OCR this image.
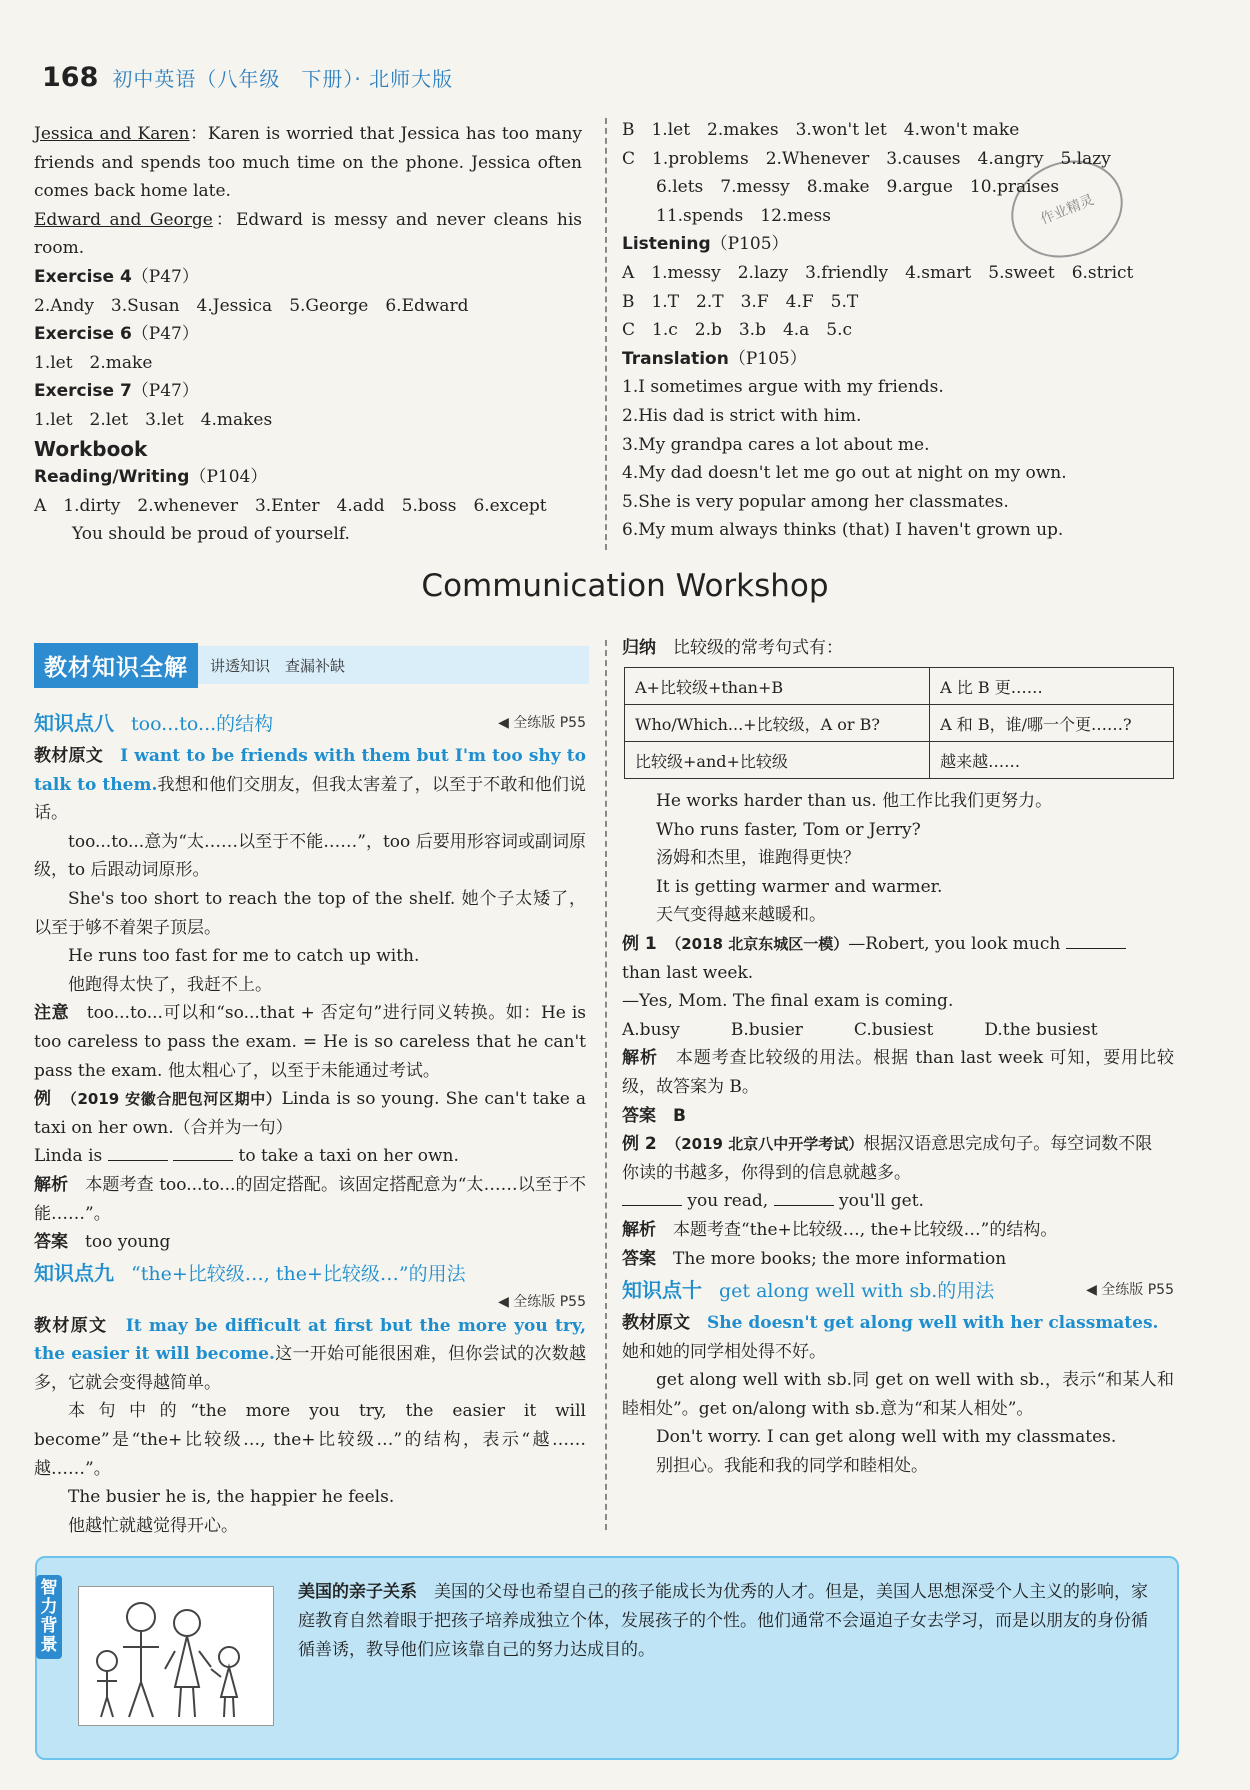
168 初中英语（八年级　下册）· 北师大版
作业精灵

Jessica and Karen：Karen is worried that Jessica has too many friends and spends too much time on the phone. Jessica often comes back home late.

Edward and George：Edward is messy and never cleans his room.

Exercise 4（P47）

2.Andy　3.Susan　4.Jessica　5.George　6.Edward

Exercise 6（P47）

1.let　2.make

Exercise 7（P47）

1.let　2.let　3.let　4.makes

Workbook

Reading/Writing（P104）

A　1.dirty　2.whenever　3.Enter　4.add　5.boss　6.except

You should be proud of yourself.

B　1.let　2.makes　3.won't let　4.won't make

C　1.problems　2.Whenever　3.causes　4.angry　5.lazy

6.lets　7.messy　8.make　9.argue　10.praises

11.spends　12.mess

Listening（P105）

A　1.messy　2.lazy　3.friendly　4.smart　5.sweet　6.strict

B　1.T　2.T　3.F　4.F　5.T

C　1.c　2.b　3.b　4.a　5.c

Translation（P105）

1.I sometimes argue with my friends.

2.His dad is strict with him.

3.My grandpa cares a lot about me.

4.My dad doesn't let me go out at night on my own.

5.She is very popular among her classmates.

6.My mum always thinks (that) I haven't grown up.

Communication Workshop
教材知识全解	讲透知识　查漏补缺
知识点八　 too...to...的结构	◀ 全练版 P55

教材原文　 I want to be friends with them but I'm too shy to talk to them.我想和他们交朋友，但我太害羞了，以至于不敢和他们说话。

too...to...意为“太……以至于不能……”，too 后要用形容词或副词原级，to 后跟动词原形。

She's too short to reach the top of the shelf. 她个子太矮了，以至于够不着架子顶层。

He runs too fast for me to catch up with.

他跑得太快了，我赶不上。

注意　 too...to...可以和“so...that + 否定句”进行同义转换。如：He is too careless to pass the exam. = He is so careless that he can't pass the exam. 他太粗心了，以至于未能通过考试。

例　 （2019 安徽合肥包河区期中）Linda is so young. She can't take a taxi on her own.（合并为一句）

Linda is	to take a taxi on her own.

解析　 本题考查 too...to...的固定搭配。该固定搭配意为“太……以至于不能……”。

答案　 too young

知识点九　 “the+比较级…, the+比较级…”的用法
◀ 全练版 P55

教材原文　 It may be difficult at first but the more you try, the easier it will become.这一开始可能很困难，但你尝试的次数越多，它就会变得越简单。

本句中的“the more you try, the easier it will become”是“the+比较级…, the+比较级…”的结构，表示“越……越……”。

The busier he is, the happier he feels.

他越忙就越觉得开心。

归纳　 比较级的常考句式有：

A+比较级+than+B	A 比 B 更……
Who/Which...+比较级，A or B?	A 和 B，谁/哪一个更……?
比较级+and+比较级	越来越……

He works harder than us. 他工作比我们更努力。

Who runs faster, Tom or Jerry?

汤姆和杰里，谁跑得更快？

It is getting warmer and warmer.

天气变得越来越暖和。

例 1　 （2018 北京东城区一模）—Robert, you look much

than last week.

—Yes, Mom. The final exam is coming.

A.busy　　　B.busier　　　C.busiest　　　D.the busiest

解析　 本题考查比较级的用法。根据 than last week 可知，要用比较级，故答案为 B。

答案　 B

例 2　 （2019 北京八中开学考试）根据汉语意思完成句子。每空词数不限

你读的书越多，你得到的信息就越多。

you read,	you'll get.

解析　 本题考查“the+比较级…, the+比较级…”的结构。

答案　 The more books; the more information

知识点十　 get along well with sb.的用法	◀ 全练版 P55

教材原文　 She doesn't get along well with her classmates.

她和她的同学相处得不好。

get along well with sb.同 get on well with sb.，表示“和某人和睦相处”。get on/along with sb.意为“和某人相处”。

Don't worry. I can get along well with my classmates.

别担心。我能和我的同学和睦相处。

智力背景
美国的亲子关系　 美国的父母也希望自己的孩子能成长为优秀的人才。但是，美国人思想深受个人主义的影响，家庭教育自然着眼于把孩子培养成独立个体，发展孩子的个性。他们通常不会逼迫子女去学习，而是以朋友的身份循循善诱，教导他们应该靠自己的努力达成目的。
